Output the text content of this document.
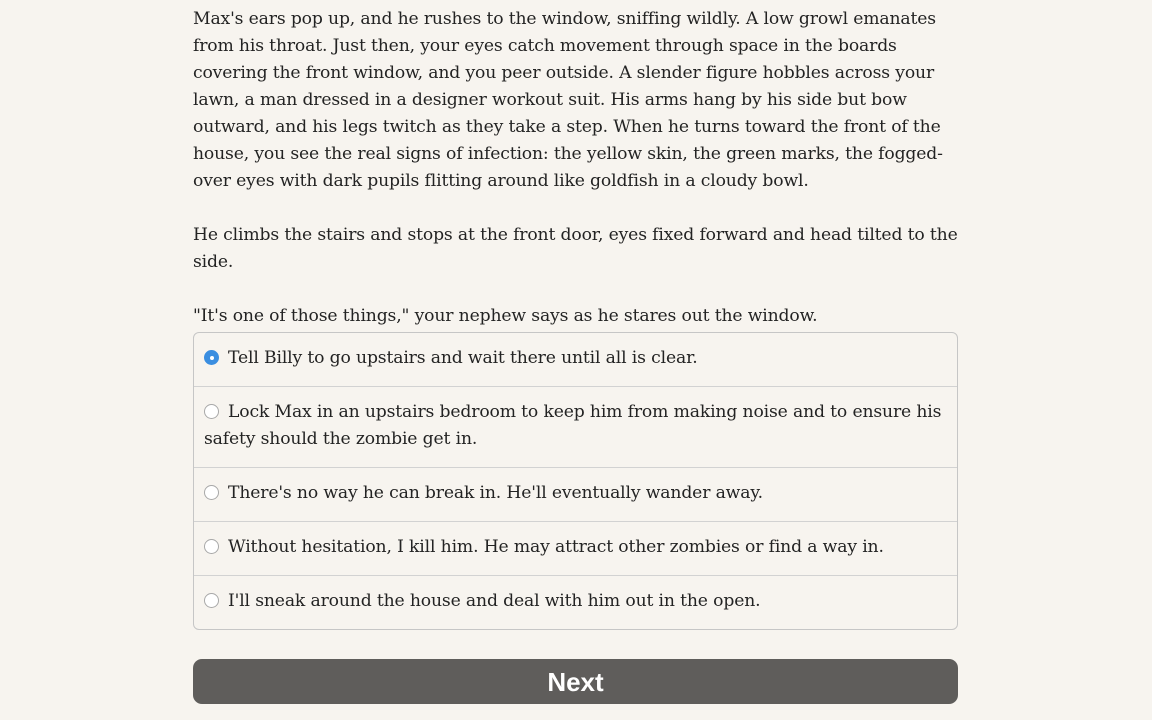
Max's ears pop up, and he rushes to the window, sniffing wildly. A low growl emanates from his throat. Just then, your eyes catch movement through space in the boards covering the front window, and you peer outside. A slender figure hobbles across your lawn, a man dressed in a designer workout suit. His arms hang by his side but bow outward, and his legs twitch as they take a step. When he turns toward the front of the house, you see the real signs of infection: the yellow skin, the green marks, the fogged-over eyes with dark pupils flitting around like goldfish in a cloudy bowl.

He climbs the stairs and stops at the front door, eyes fixed forward and head tilted to the side.

"It's one of those things," your nephew says as he stares out the window.

Tell Billy to go upstairs and wait there until all is clear.
Lock Max in an upstairs bedroom to keep him from making noise and to ensure his safety should the zombie get in.
There's no way he can break in. He'll eventually wander away.
Without hesitation, I kill him. He may attract other zombies or find a way in.
I'll sneak around the house and deal with him out in the open.
Next
